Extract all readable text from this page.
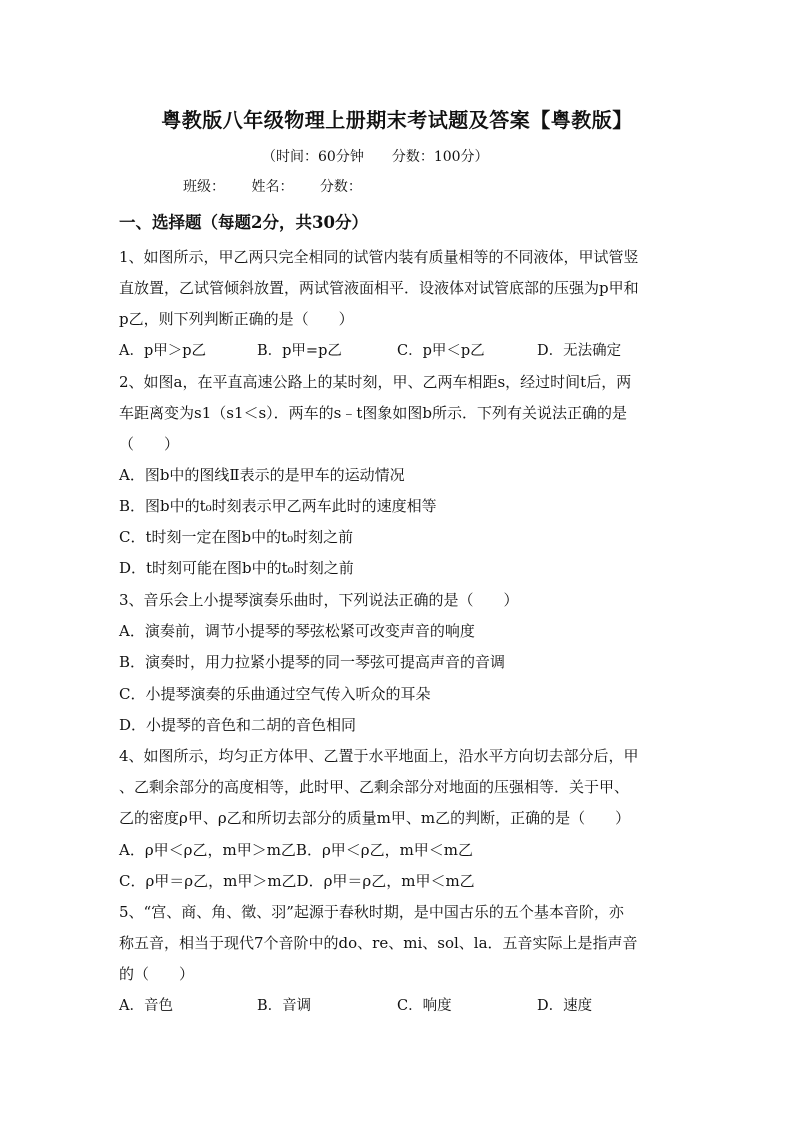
粤教版八年级物理上册期末考试题及答案【粤教版】
（时间：60分钟 分数：100分）
班级： 姓名： 分数：
一、选择题（每题2分，共30分）
1、如图所示，甲乙两只完全相同的试管内装有质量相等的不同液体，甲试管竖
直放置，乙试管倾斜放置，两试管液面相平．设液体对试管底部的压强为p甲和
p乙，则下列判断正确的是（　　）
A．p甲＞p乙	B．p甲=p乙	C．p甲＜p乙	D．无法确定
2、如图a，在平直高速公路上的某时刻，甲、乙两车相距s，经过时间t后，两
车距离变为s1（s1＜s）．两车的s﹣t图象如图b所示．下列有关说法正确的是
（　　）
A．图b中的图线Ⅱ表示的是甲车的运动情况
B．图b中的t₀时刻表示甲乙两车此时的速度相等
C．t时刻一定在图b中的t₀时刻之前
D．t时刻可能在图b中的t₀时刻之前
3、音乐会上小提琴演奏乐曲时，下列说法正确的是（　　）
A．演奏前，调节小提琴的琴弦松紧可改变声音的响度
B．演奏时，用力拉紧小提琴的同一琴弦可提高声音的音调
C．小提琴演奏的乐曲通过空气传入听众的耳朵
D．小提琴的音色和二胡的音色相同
4、如图所示，均匀正方体甲、乙置于水平地面上，沿水平方向切去部分后，甲
、乙剩余部分的高度相等，此时甲、乙剩余部分对地面的压强相等．关于甲、
乙的密度ρ甲、ρ乙和所切去部分的质量m甲、m乙的判断，正确的是（　　）
A．ρ甲＜ρ乙，m甲＞m乙B．ρ甲＜ρ乙，m甲＜m乙
C．ρ甲＝ρ乙，m甲＞m乙D．ρ甲＝ρ乙，m甲＜m乙
5、“宫、商、角、徵、羽”起源于春秋时期，是中国古乐的五个基本音阶，亦
称五音，相当于现代7个音阶中的do、re、mi、sol、la．五音实际上是指声音
的（　　）
A．音色	B．音调	C．响度	D．速度
